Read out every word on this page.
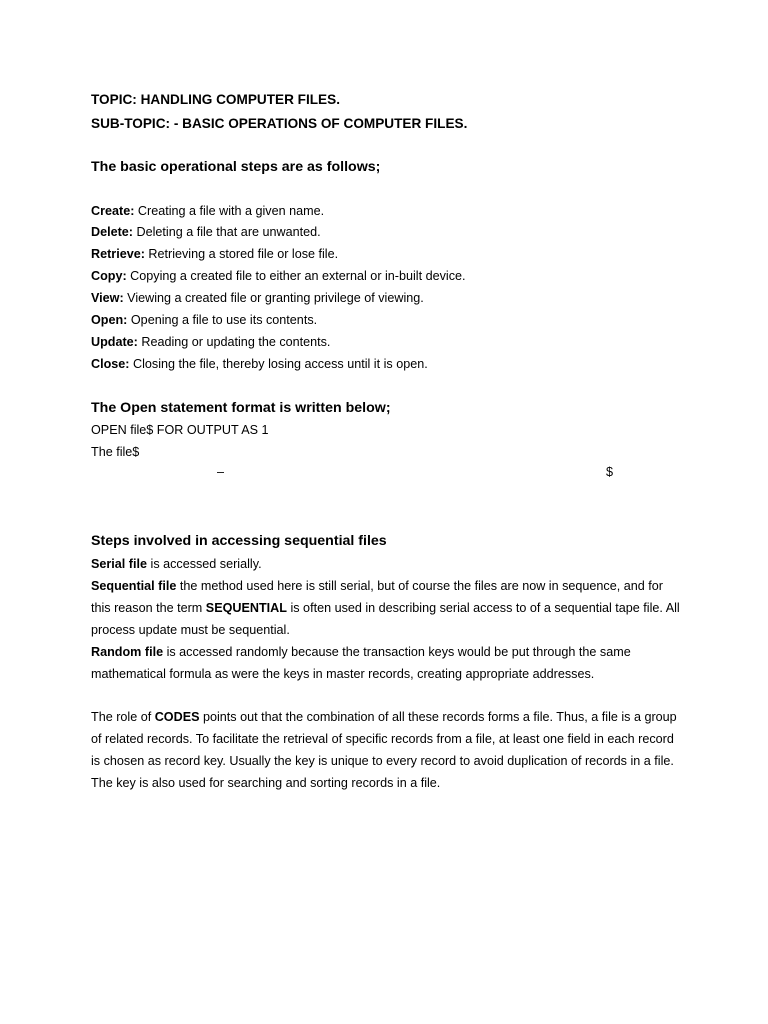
TOPIC: HANDLING COMPUTER FILES.
SUB-TOPIC: - BASIC OPERATIONS OF COMPUTER FILES.
The basic operational steps are as follows;
Create: Creating a file with a given name.
Delete: Deleting a file that are unwanted.
Retrieve: Retrieving a stored file or lose file.
Copy: Copying a created file to either an external or in-built device.
View: Viewing a created file or granting privilege of viewing.
Open: Opening a file to use its contents.
Update: Reading or updating the contents.
Close: Closing the file, thereby losing access until it is open.
The Open statement format is written below;
OPEN file$ FOR OUTPUT AS 1
The file$
–	$
Steps involved in accessing sequential files
Serial file is accessed serially.
Sequential file the method used here is still serial, but of course the files are now in sequence, and for this reason the term SEQUENTIAL is often used in describing serial access to of a sequential tape file. All process update must be sequential.
Random file is accessed randomly because the transaction keys would be put through the same mathematical formula as were the keys in master records, creating appropriate addresses.
The role of CODES points out that the combination of all these records forms a file. Thus, a file is a group of related records. To facilitate the retrieval of specific records from a file, at least one field in each record is chosen as record key. Usually the key is unique to every record to avoid duplication of records in a file. The key is also used for searching and sorting records in a file.
